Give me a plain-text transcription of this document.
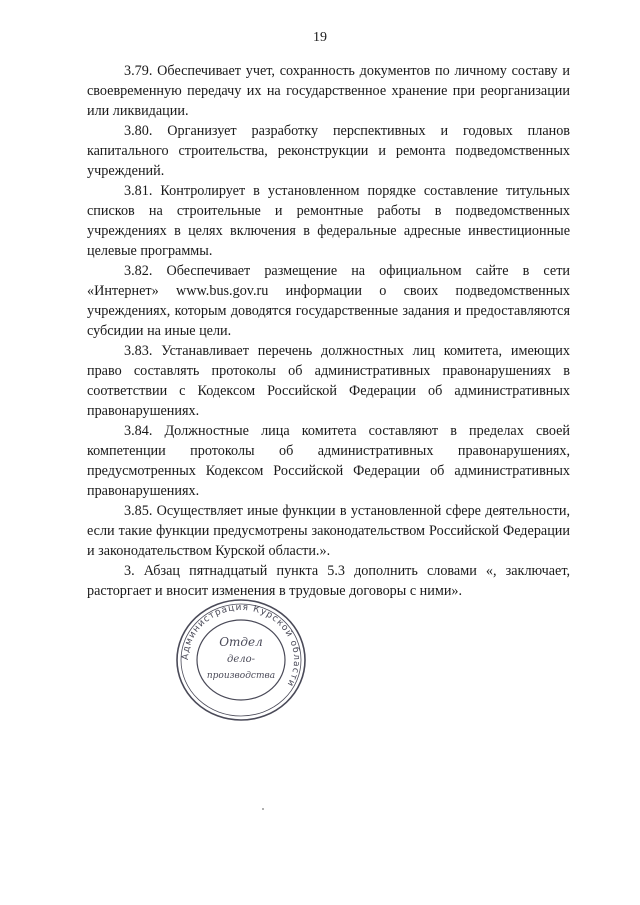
19

3.79. Обеспечивает учет, сохранность документов по личному составу и своевременную передачу их на государственное хранение при реорганизации или ликвидации.

3.80. Организует разработку перспективных и годовых планов капитального строительства, реконструкции и ремонта подведомственных учреждений.

3.81. Контролирует в установленном порядке составление титульных списков на строительные и ремонтные работы в подведомственных учреждениях в целях включения в федеральные адресные инвестиционные целевые программы.

3.82. Обеспечивает размещение на официальном сайте в сети «Интернет» www.bus.gov.ru информации о своих подведомственных учреждениях, которым доводятся государственные задания и предоставляются субсидии на иные цели.

3.83. Устанавливает перечень должностных лиц комитета, имеющих право составлять протоколы об административных правонарушениях в соответствии с Кодексом Российской Федерации об административных правонарушениях.

3.84. Должностные лица комитета составляют в пределах своей компетенции протоколы об административных правонарушениях, предусмотренных Кодексом Российской Федерации об административных правонарушениях.

3.85. Осуществляет иные функции в установленной сфере деятельности, если такие функции предусмотрены законодательством Российской Федерации и законодательством Курской области.».

3. Абзац пятнадцатый пункта 5.3 дополнить словами «, заключает, расторгает и вносит изменения в трудовые договоры с ними».

Администрация Курской области
Отдел
дело-
производства
